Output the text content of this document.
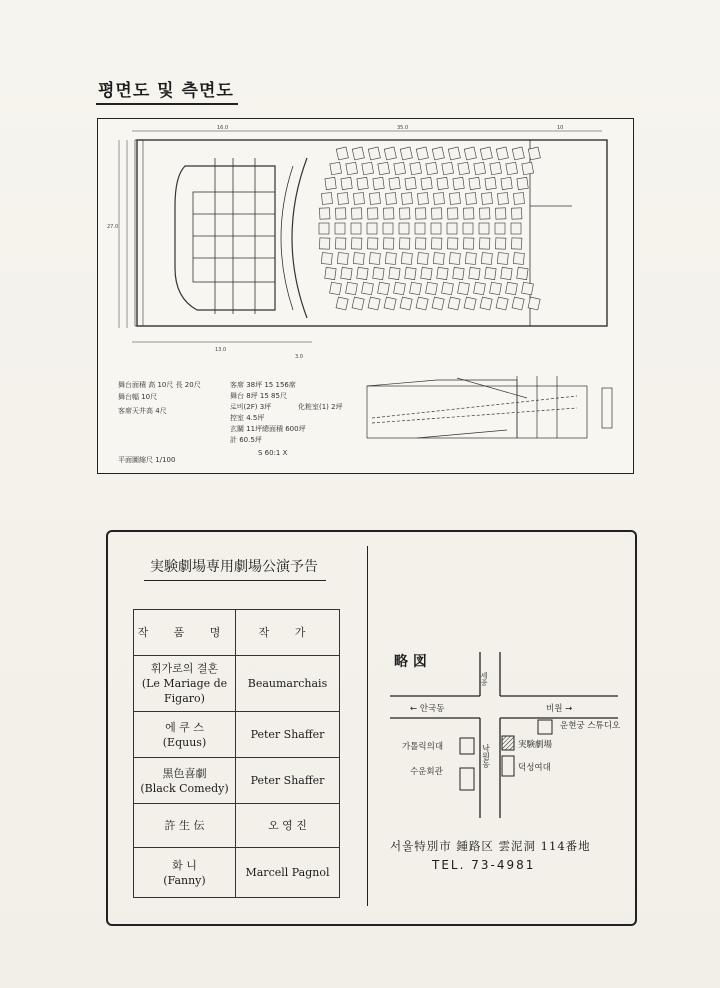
평면도 및 측면도
16.0	35.0	10
27.0
13.0
3.0
舞台面積 高 10尺 長 20尺
舞台幅 10尺
客席天井高 4尺
客席 38坪 15 156席
舞台 8坪 15 85尺
로비(2F) 3坪
控室 4.5坪
玄關 11坪
計 60.5坪
化粧室(1) 2坪
總面積 600坪
平面圖縮尺 1/100
S 60:1 X
実験劇場専用劇場公演予告
작 품 명	작 가

휘가로의 결혼
(Le Mariage de
Figaro)	Beaumarchais

에 쿠 스
(Equus)	Peter Shaffer

黒色喜劇
(Black Comedy)	Peter Shaffer

許 生 伝	오 영 진

화 니
(Fanny)	Marcell Pagnol
略 図
세종
← 안국동	비원 →
운현궁 스튜디오
実験劇場
가톨릭의대
수운회관	덕성여대
낙원동
서울特別市 鍾路区 雲泥洞 114番地
TEL. 73-4981
